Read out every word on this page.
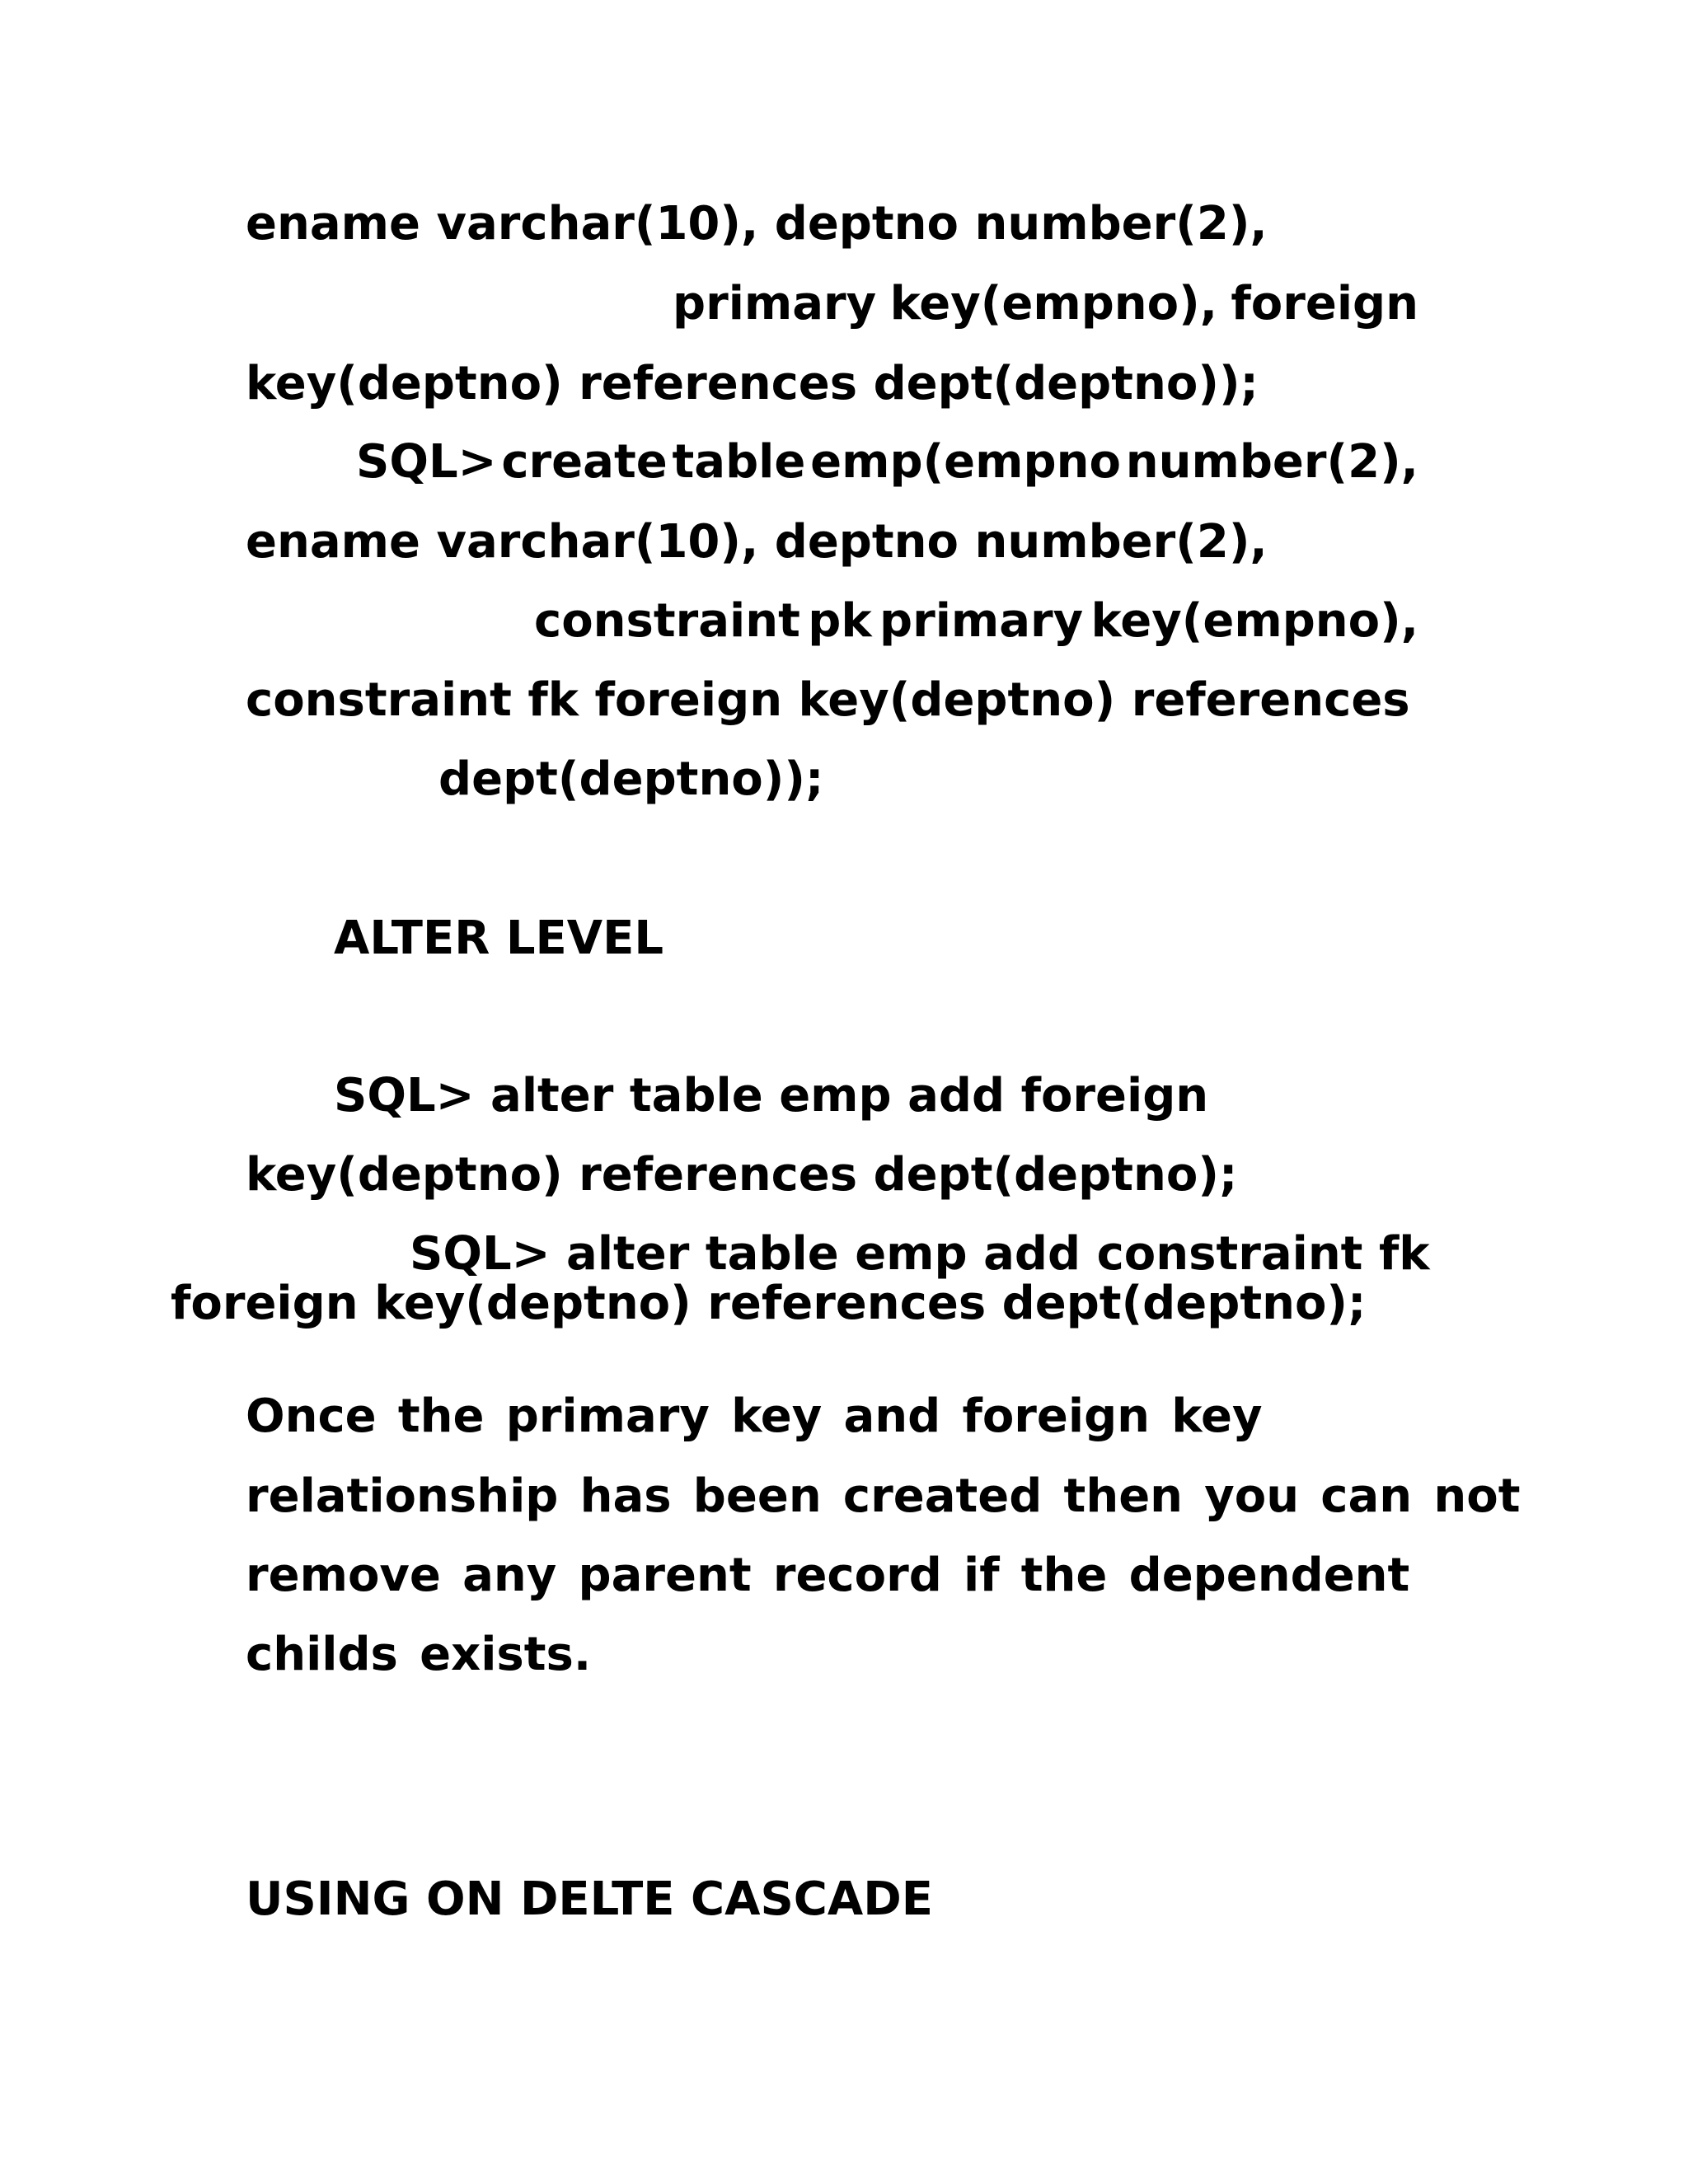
ename varchar(10), deptno number(2),
primary key(empno), foreign
key(deptno) references dept(deptno));
SQL> create table emp(empno number(2),
ename varchar(10), deptno number(2),
constraint pk primary key(empno),
constraint fk foreign key(deptno) references
dept(deptno));
ALTER LEVEL
SQL> alter table emp add foreign
key(deptno) references dept(deptno);
SQL> alter table emp add constraint fk
foreign key(deptno) references dept(deptno);
Once the primary key and foreign key
relationship has been created then you can not
remove any parent record if the dependent
childs exists.
USING ON DELTE CASCADE
